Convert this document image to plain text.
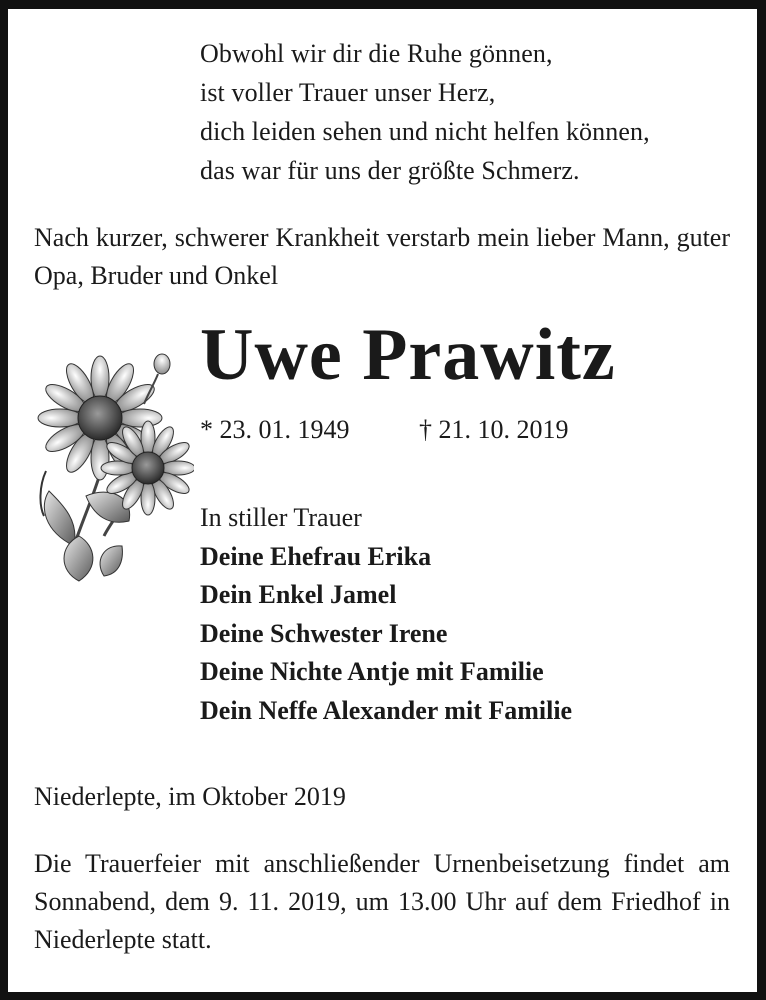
Obwohl wir dir die Ruhe gönnen,
ist voller Trauer unser Herz,
dich leiden sehen und nicht helfen können,
das war für uns der größte Schmerz.
Nach kurzer, schwerer Krankheit verstarb mein lieber Mann, guter Opa, Bruder und Onkel
Uwe Prawitz
* 23. 01. 1949	† 21. 10. 2019
In stiller Trauer
Deine Ehefrau Erika
Dein Enkel Jamel
Deine Schwester Irene
Deine Nichte Antje mit Familie
Dein Neffe Alexander mit Familie
Niederlepte, im Oktober 2019
Die Trauerfeier mit anschließender Urnenbeisetzung findet am Sonnabend, dem 9. 11. 2019, um 13.00 Uhr auf dem Friedhof in Niederlepte statt.
